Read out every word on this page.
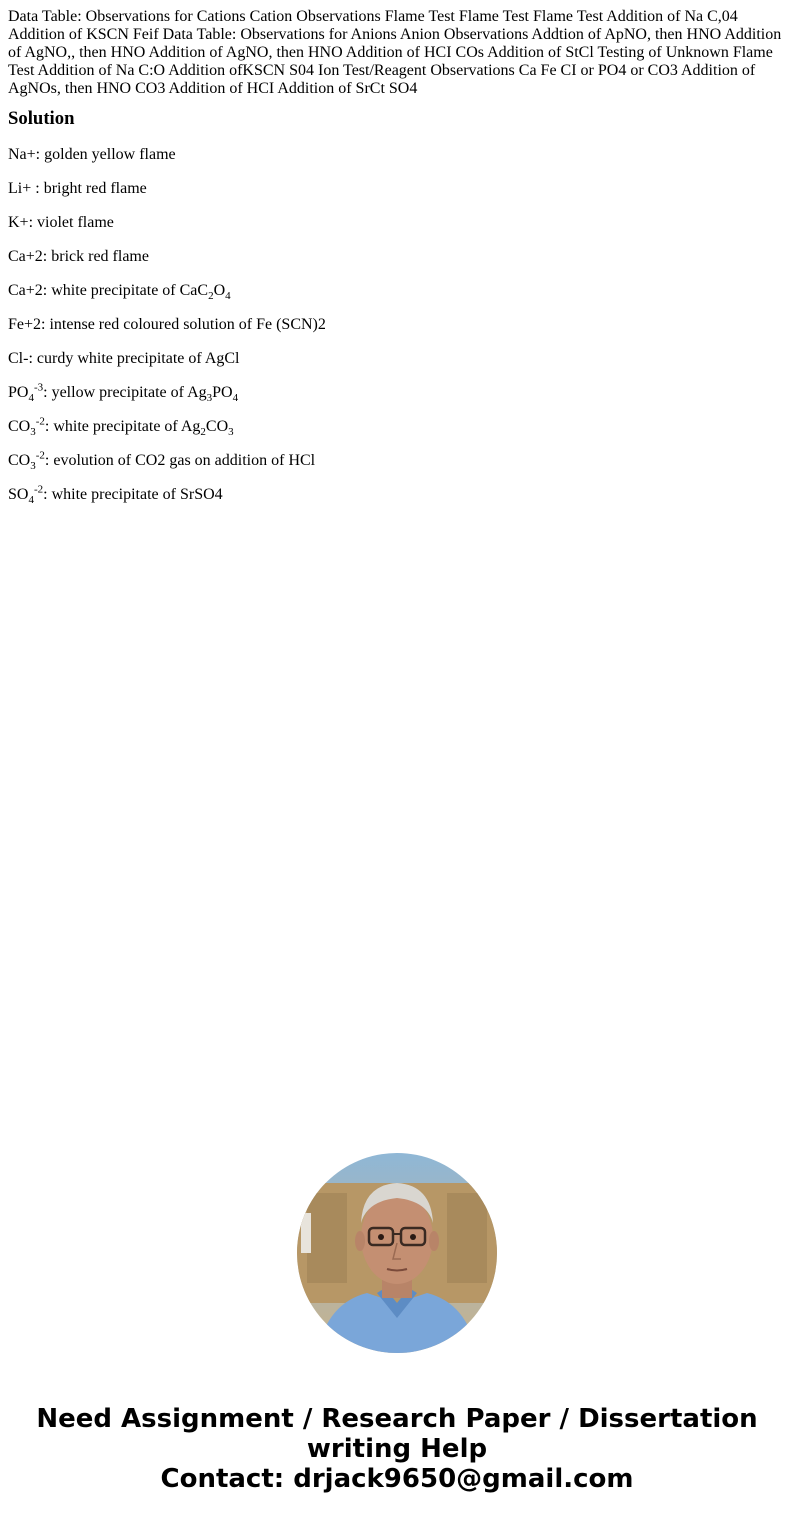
Data Table: Observations for Cations Cation Observations Flame Test Flame Test Flame Test Addition of Na C,04 Addition of KSCN Feif Data Table: Observations for Anions Anion Observations Addtion of ApNO, then HNO Addition of AgNO,, then HNO Addition of AgNO, then HNO Addition of HCI COs Addition of StCl Testing of Unknown Flame Test Addition of Na C:O Addition ofKSCN S04 Ion Test/Reagent Observations Ca Fe CI or PO4 or CO3 Addition of AgNOs, then HNO CO3 Addition of HCI Addition of SrCt SO4

Solution

Na+: golden yellow flame

Li+ : bright red flame

K+: violet flame

Ca+2: brick red flame

Ca+2: white precipitate of $CaC_2O_4$

Fe+2: intense red coloured solution of Fe (SCN)2

Cl-: curdy white precipitate of AgCl

$PO_4^{-3}$: yellow precipitate of $Ag_3PO_4$

$CO_3^{-2}$: white precipitate of $Ag_2CO_3$

$CO_3^{-2}$: evolution of CO2 gas on addition of HCl

$SO_4^{-2}$: white precipitate of SrSO4

Need Assignment / Research Paper / Dissertation
writing Help
Contact: drjack9650@gmail.com
